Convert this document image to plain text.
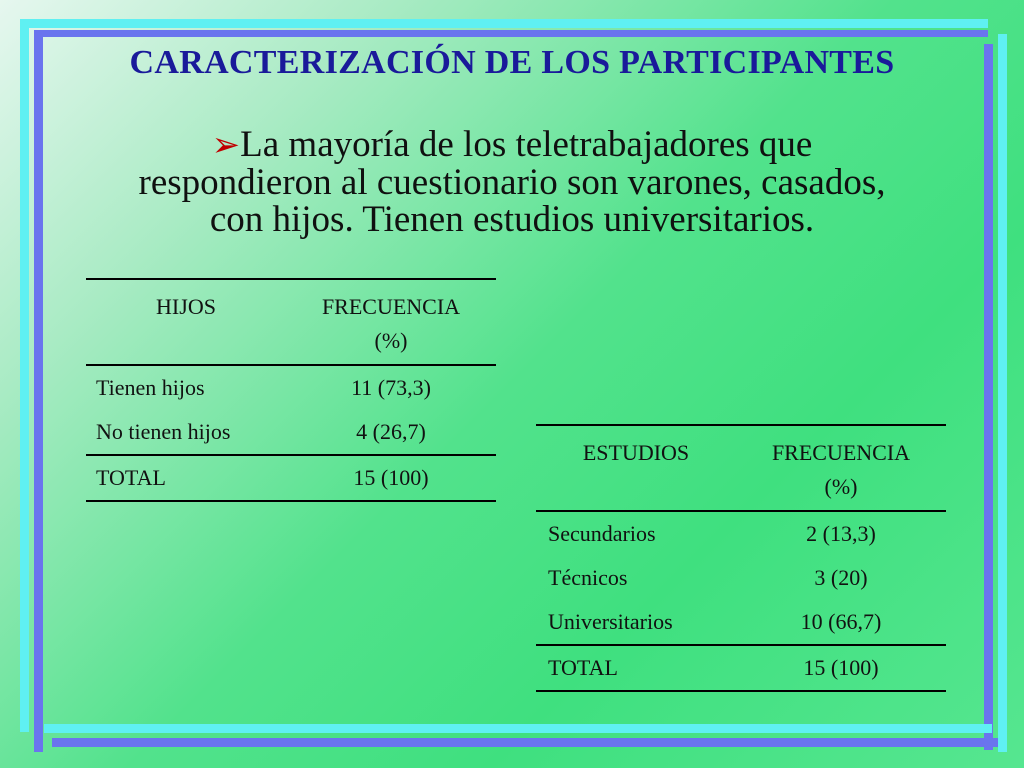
CARACTERIZACIÓN DE LOS PARTICIPANTES
➢La mayoría de los teletrabajadores que
respondieron al cuestionario son varones, casados,
con hijos. Tienen estudios universitarios.
HIJOS	FRECUENCIA
(%)

Tienen hijos	11 (73,3)
No tienen hijos	4 (26,7)
TOTAL	15 (100)
ESTUDIOS	FRECUENCIA
(%)

Secundarios	2 (13,3)
Técnicos	3 (20)
Universitarios	10 (66,7)
TOTAL	15 (100)
